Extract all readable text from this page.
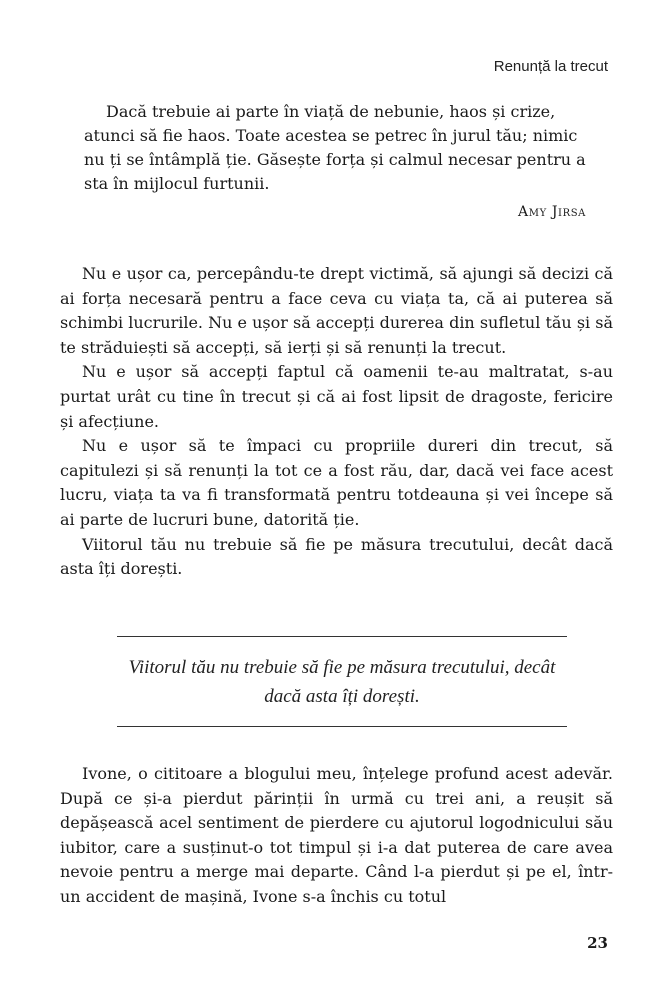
Renunță la trecut

Dacă trebuie ai parte în viață de nebunie, haos și crize, atunci să fie haos. Toate acestea se petrec în jurul tău; nimic nu ți se întâmplă ție. Găsește forța și calmul necesar pentru a sta în mijlocul furtunii.

Amy Jirsa

Nu e ușor ca, percepându-te drept victimă, să ajungi să decizi că ai forța necesară pentru a face ceva cu viața ta, că ai puterea să schimbi lucrurile. Nu e ușor să accepți durerea din sufletul tău și să te străduiești să accepți, să ierți și să renunți la trecut.

Nu e ușor să accepți faptul că oamenii te-au maltratat, s-au purtat urât cu tine în trecut și că ai fost lipsit de dragoste, fericire și afecțiune.

Nu e ușor să te împaci cu propriile dureri din trecut, să capitulezi și să renunți la tot ce a fost rău, dar, dacă vei face acest lucru, viața ta va fi transformată pentru totdeauna și vei începe să ai parte de lucruri bune, datorită ție.

Viitorul tău nu trebuie să fie pe măsura trecutului, decât dacă asta îți dorești.

Viitorul tău nu trebuie să fie pe măsura trecutului, decât dacă asta îți dorești.

Ivone, o cititoare a blogului meu, înțelege profund acest adevăr. După ce și-a pierdut părinții în urmă cu trei ani, a reușit să depășească acel sentiment de pierdere cu ajutorul logodnicului său iubitor, care a susținut-o tot timpul și i-a dat puterea de care avea nevoie pentru a merge mai departe. Când l-a pierdut și pe el, într-un accident de mașină, Ivone s-a închis cu totul

23
